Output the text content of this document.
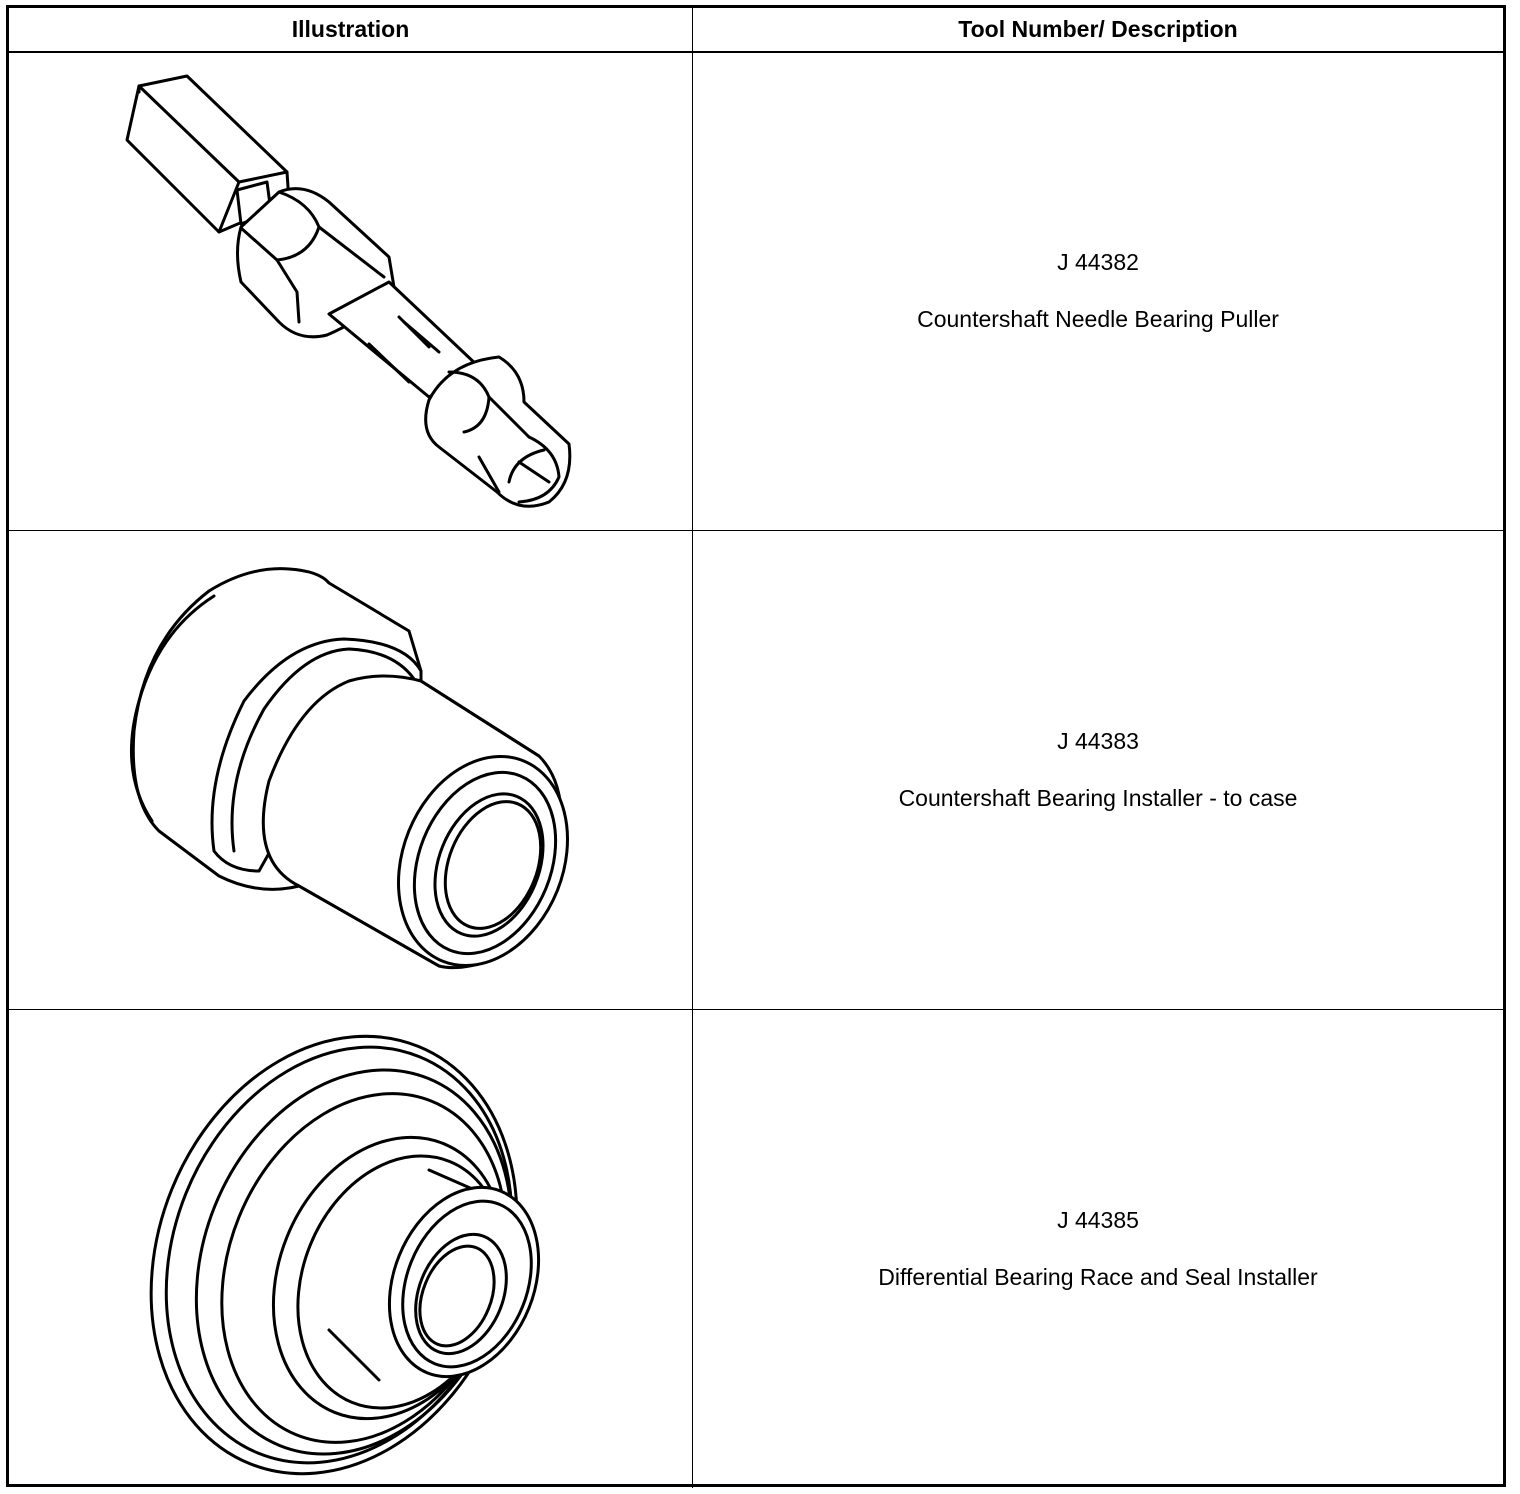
Illustration	Tool Number/ Description
J 44382
Countershaft Needle Bearing Puller
J 44383
Countershaft Bearing Installer - to case
J 44385
Differential Bearing Race and Seal Installer
